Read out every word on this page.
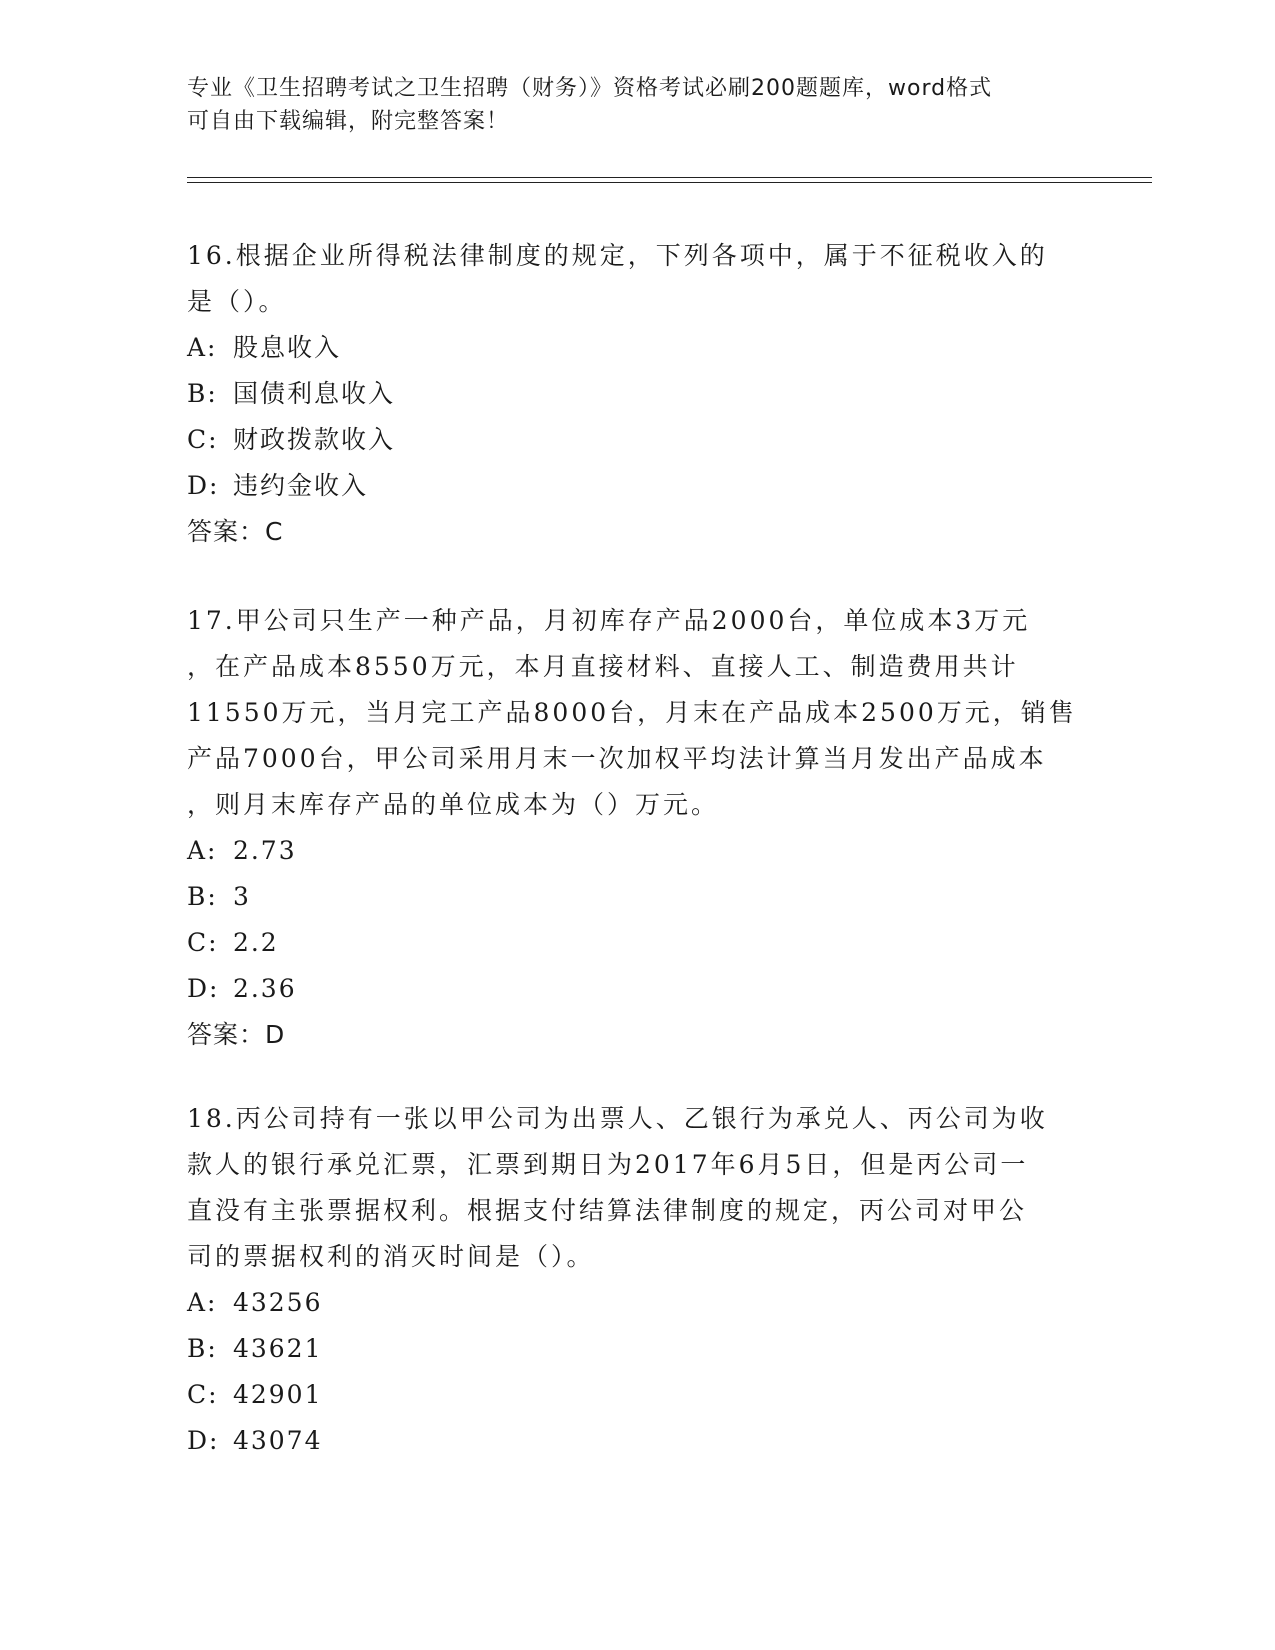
专业《卫生招聘考试之卫生招聘（财务）》资格考试必刷200题题库，word格式
可自由下载编辑，附完整答案！
16.根据企业所得税法律制度的规定，下列各项中，属于不征税收入的
是（）。
A: 股息收入
B: 国债利息收入
C: 财政拨款收入
D: 违约金收入
答案：C
17.甲公司只生产一种产品，月初库存产品2000台，单位成本3万元
，在产品成本8550万元，本月直接材料、直接人工、制造费用共计
11550万元，当月完工产品8000台，月末在产品成本2500万元，销售
产品7000台，甲公司采用月末一次加权平均法计算当月发出产品成本
，则月末库存产品的单位成本为（）万元。
A: 2.73
B: 3
C: 2.2
D: 2.36
答案：D
18.丙公司持有一张以甲公司为出票人、乙银行为承兑人、丙公司为收
款人的银行承兑汇票，汇票到期日为2017年6月5日，但是丙公司一
直没有主张票据权利。根据支付结算法律制度的规定，丙公司对甲公
司的票据权利的消灭时间是（）。
A: 43256
B: 43621
C: 42901
D: 43074
